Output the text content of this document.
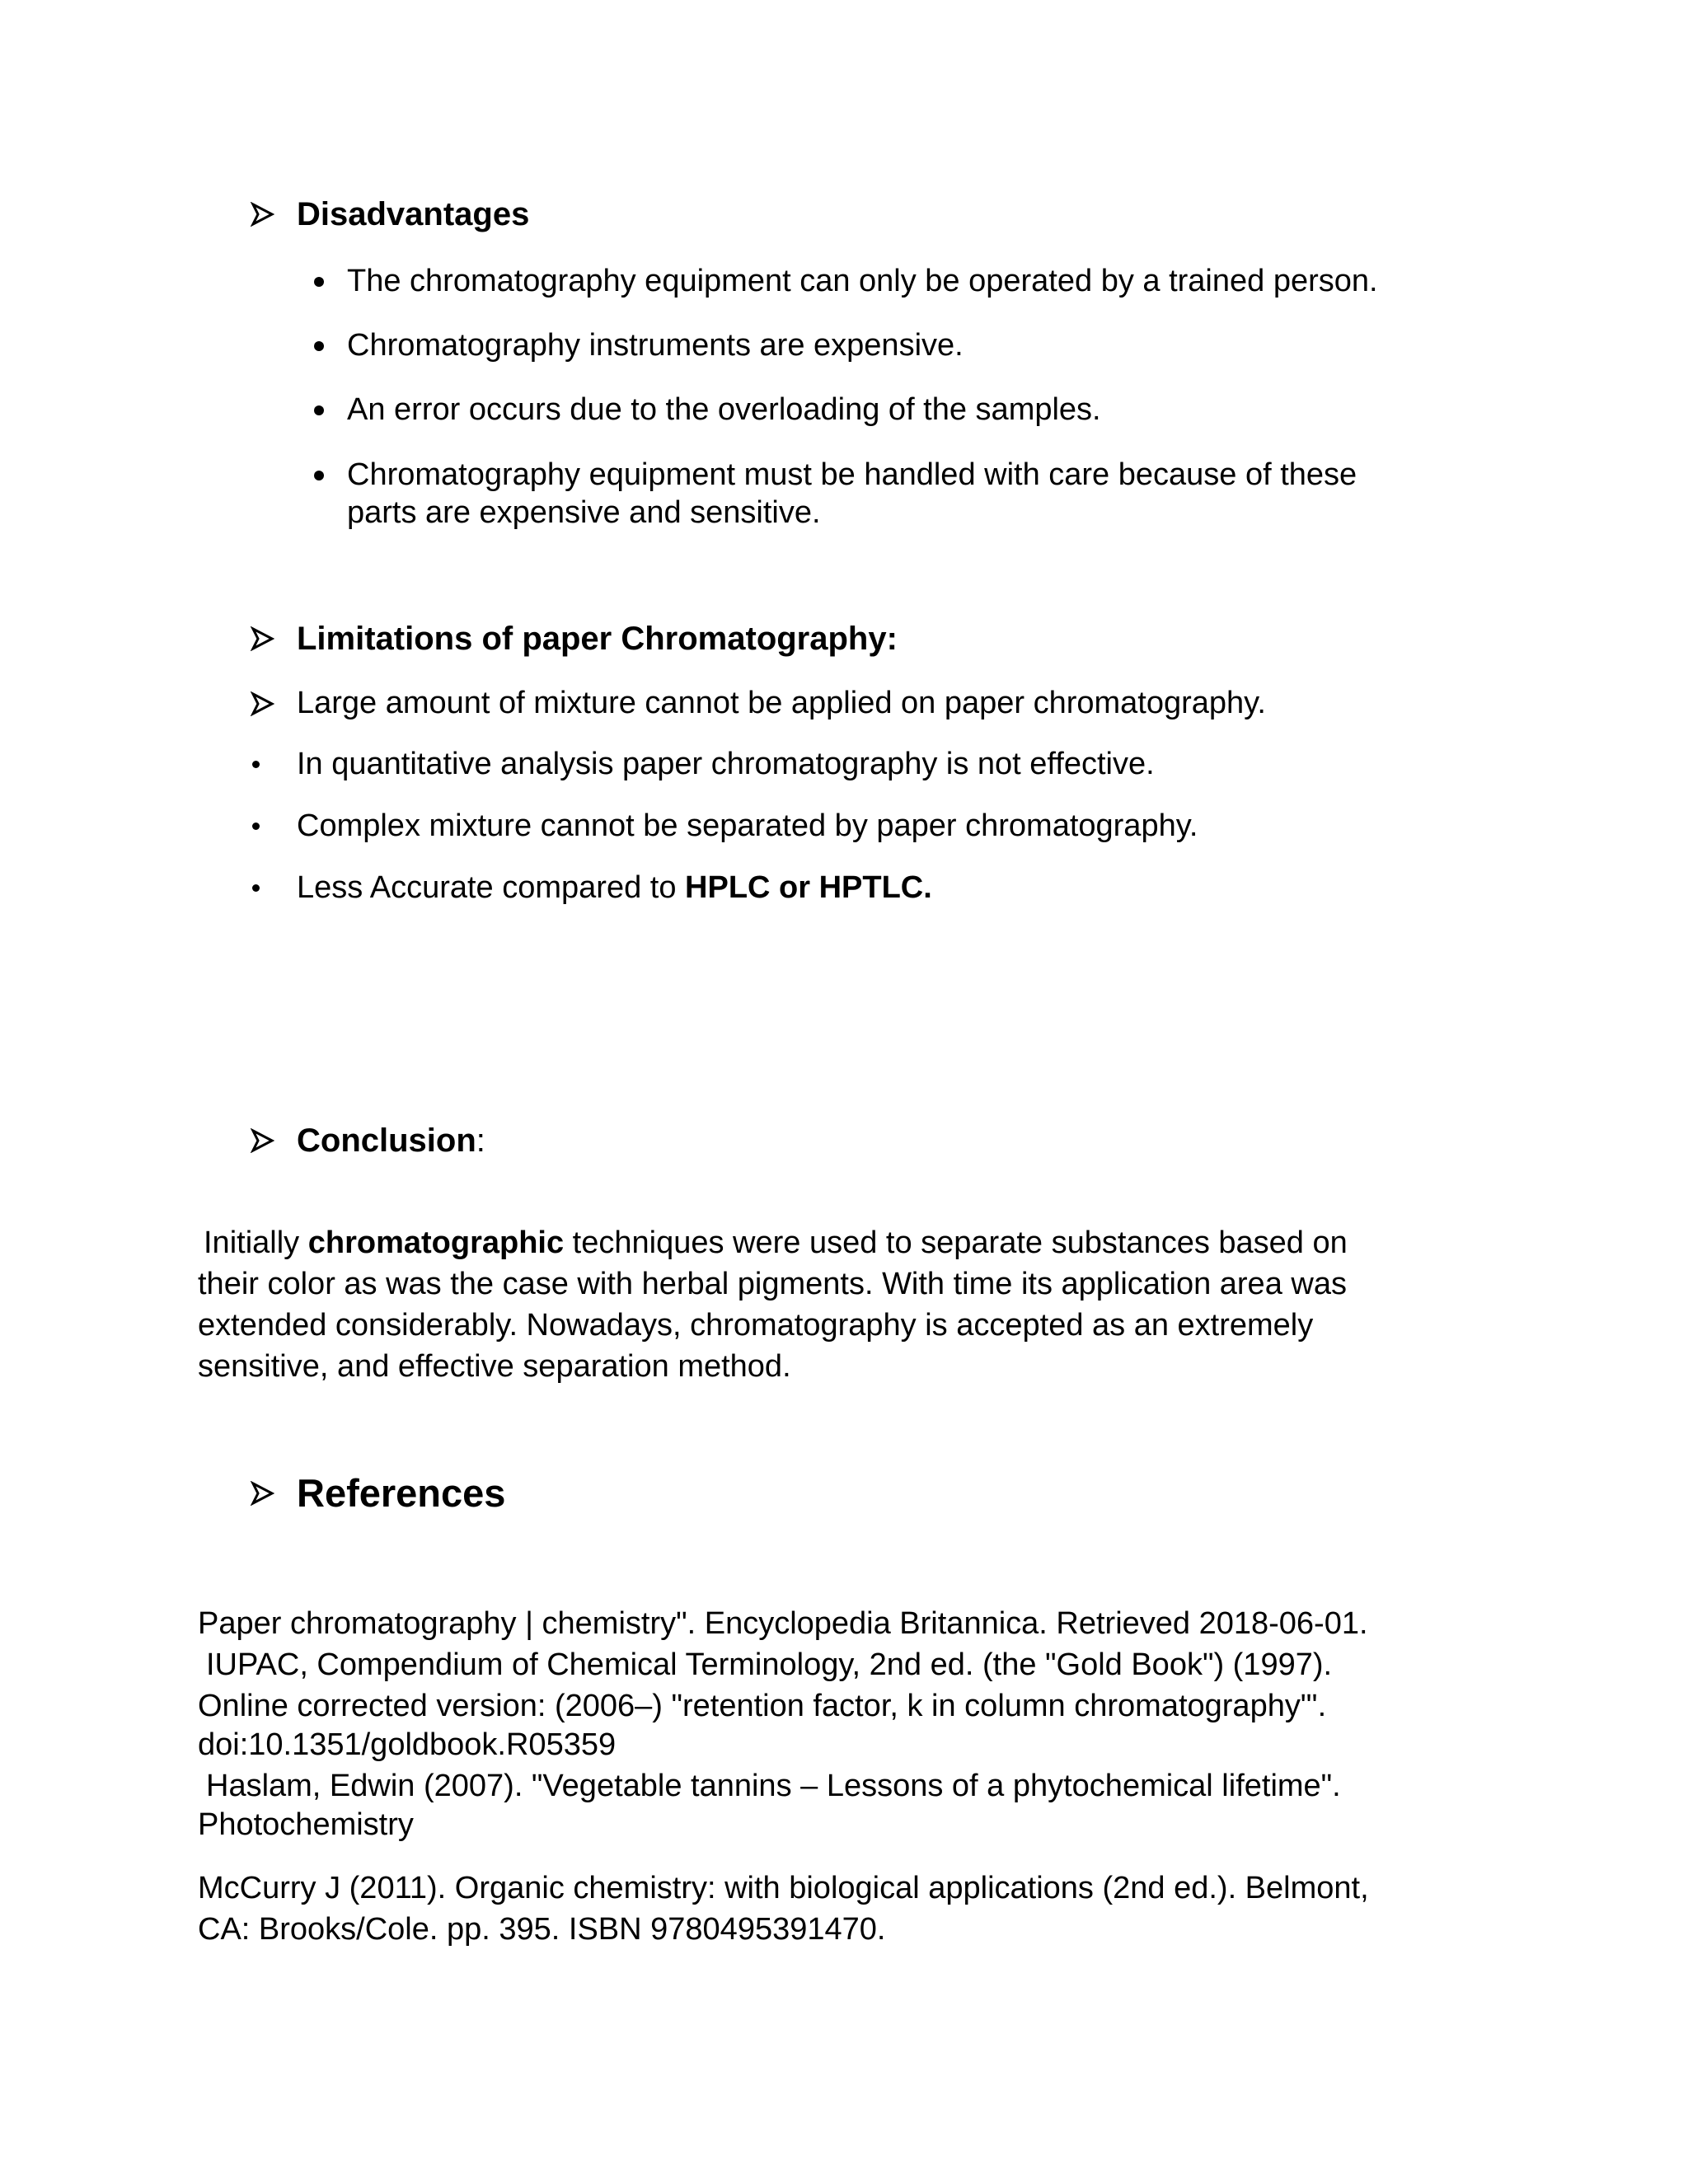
Disadvantages
The chromatography equipment can only be operated by a trained person.
Chromatography instruments are expensive.
An error occurs due to the overloading of the samples.
Chromatography equipment must be handled with care because of these
parts are expensive and sensitive.
Limitations of paper Chromatography:
Large amount of mixture cannot be applied on paper chromatography.
In quantitative analysis paper chromatography is not effective.
Complex mixture cannot be separated by paper chromatography.
Less Accurate compared to HPLC or HPTLC.
Conclusion:
Initially chromatographic techniques were used to separate substances based on
their color as was the case with herbal pigments. With time its application area was
extended considerably. Nowadays, chromatography is accepted as an extremely
sensitive, and effective separation method.
References
Paper chromatography | chemistry". Encyclopedia Britannica. Retrieved 2018-06-01.
IUPAC, Compendium of Chemical Terminology, 2nd ed. (the "Gold Book") (1997).
Online corrected version: (2006–) "retention factor, k in column chromatography"'.
doi:10.1351/goldbook.R05359
Haslam, Edwin (2007). "Vegetable tannins – Lessons of a phytochemical lifetime".
Photochemistry
McCurry J (2011). Organic chemistry: with biological applications (2nd ed.). Belmont,
CA: Brooks/Cole. pp. 395. ISBN 9780495391470.
